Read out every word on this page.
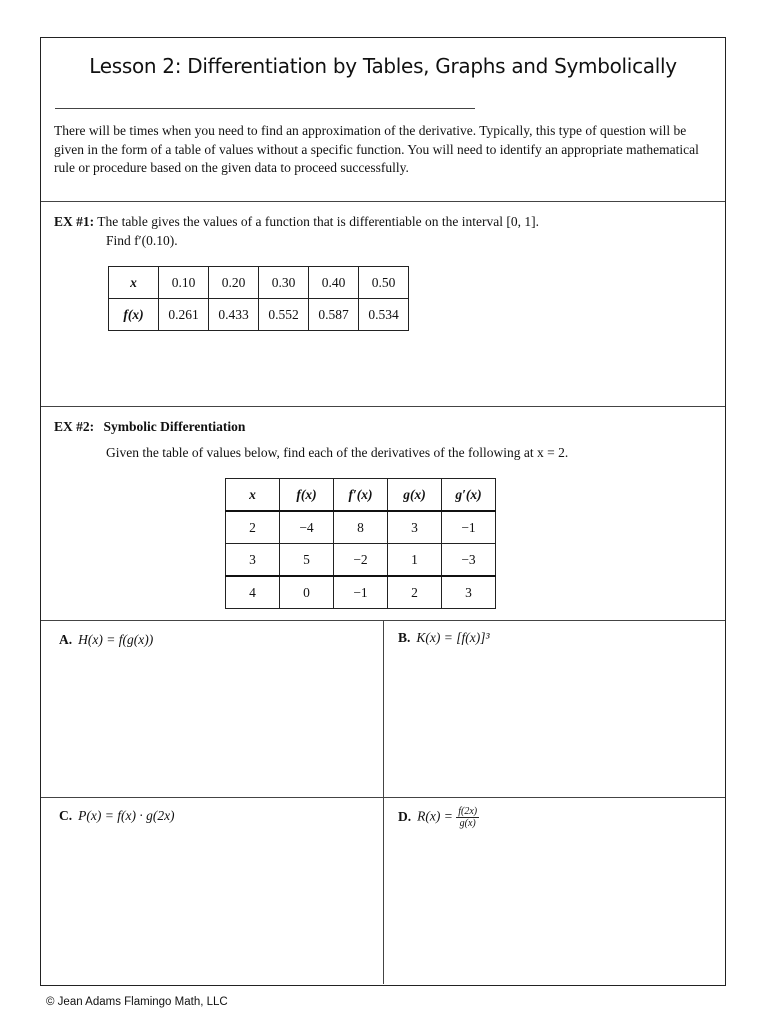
Lesson 2: Differentiation by Tables, Graphs and Symbolically
There will be times when you need to find an approximation of the derivative. Typically, this type of question will be given in the form of a table of values without a specific function. You will need to identify an appropriate mathematical rule or procedure based on the given data to proceed successfully.
EX #1: The table gives the values of a function that is differentiable on the interval [0, 1].
Find f′(0.10).
x	0.10	0.20	0.30	0.40	0.50
f(x)	0.261	0.433	0.552	0.587	0.534
EX #2: Symbolic Differentiation
Given the table of values below, find each of the derivatives of the following at x = 2.
x	f(x)	f′(x)	g(x)	g′(x)
2	−4	8	3	−1
3	5	−2	1	−3
4	0	−1	2	3
A. H(x) = f(g(x))	B. K(x) = [f(x)]³
C. P(x) = f(x) · g(2x)	D. $R(x) = \frac{f(2x)}{g(x)}$
© Jean Adams Flamingo Math, LLC
